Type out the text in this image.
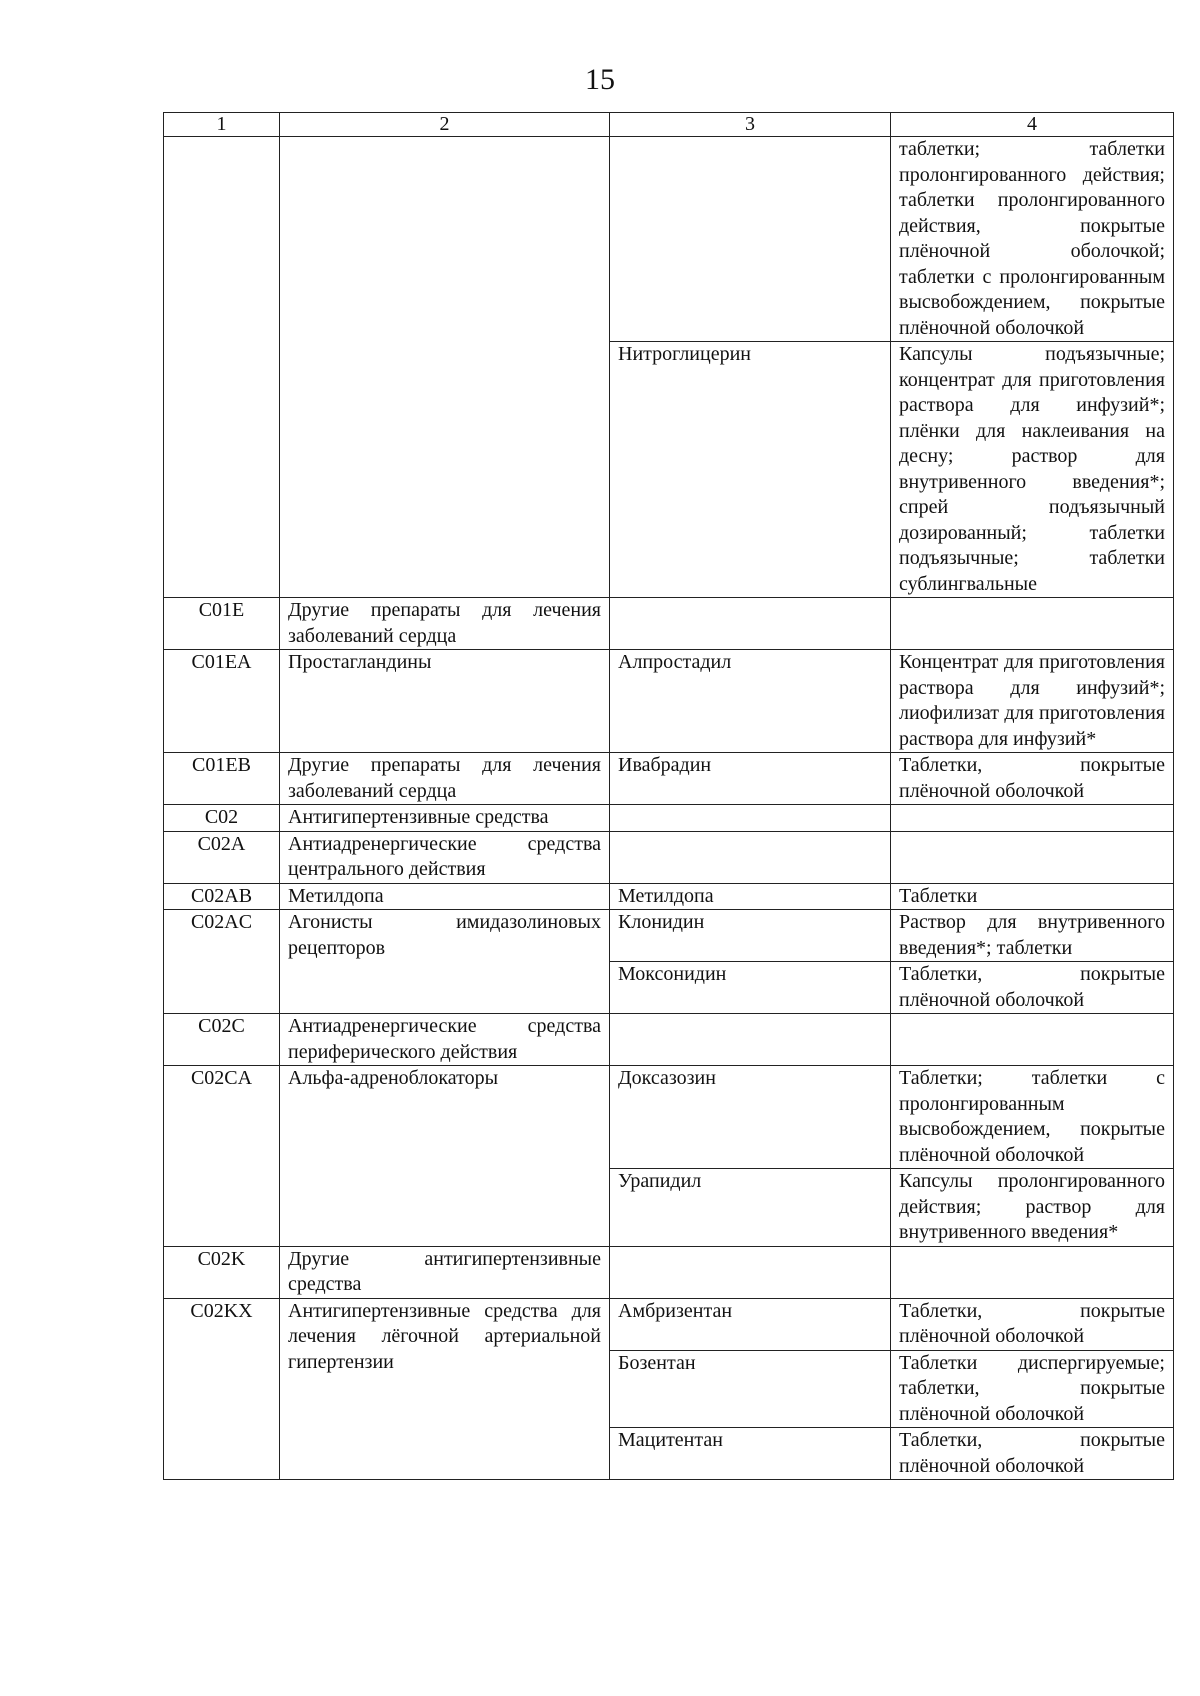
15
1	2	3	4
			таблетки; таблетки пролонгированного действия; таблетки пролонгированного действия, покрытые плёночной оболочкой; таблетки с пролонгированным высвобождением, покрытые плёночной оболочкой
		Нитроглицерин	Капсулы подъязычные; концентрат для приготовления раствора для инфузий*; плёнки для наклеивания на десну; раствор для внутривенного введения*; спрей подъязычный дозированный; таблетки подъязычные; таблетки сублингвальные
C01E	Другие препараты для лечения заболеваний сердца		
C01EA	Простагландины	Алпростадил	Концентрат для приготовления раствора для инфузий*; лиофилизат для приготовления раствора для инфузий*
C01EB	Другие препараты для лечения заболеваний сердца	Ивабрадин	Таблетки, покрытые плёночной оболочкой
C02	Антигипертензивные средства		
C02A	Антиадренергические средства центрального действия		
C02AB	Метилдопа	Метилдопа	Таблетки
C02AC	Агонисты имидазолиновых рецепторов	Клонидин	Раствор для внутривенного введения*; таблетки
		Моксонидин	Таблетки, покрытые плёночной оболочкой
C02C	Антиадренергические средства периферического действия		
C02CA	Альфа-адреноблокаторы	Доксазозин	Таблетки; таблетки с пролонгированным высвобождением, покрытые плёночной оболочкой
		Урапидил	Капсулы пролонгированного действия; раствор для внутривенного введения*
C02K	Другие антигипертензивные средства		
C02KX	Антигипертензивные средства для лечения лёгочной артериальной гипертензии	Амбризентан	Таблетки, покрытые плёночной оболочкой
		Бозентан	Таблетки диспергируемые; таблетки, покрытые плёночной оболочкой
		Мацитентан	Таблетки, покрытые плёночной оболочкой
